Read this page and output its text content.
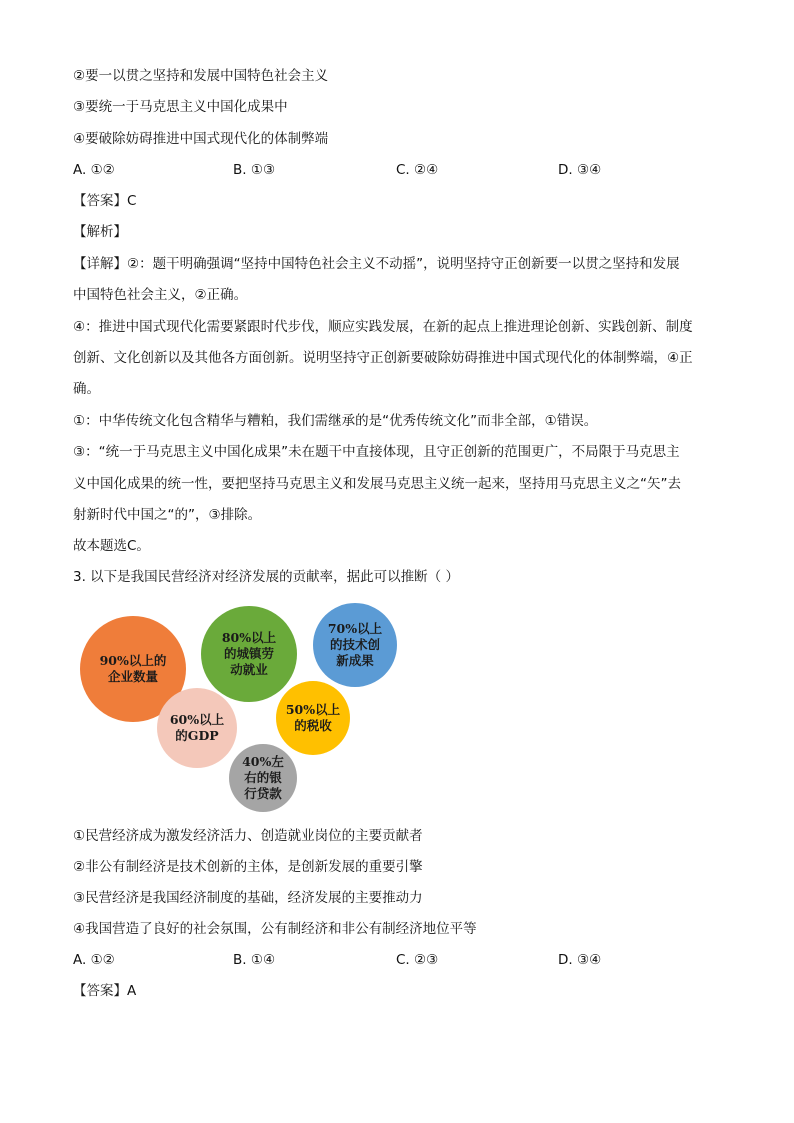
②要一以贯之坚持和发展中国特色社会主义
③要统一于马克思主义中国化成果中
④要破除妨碍推进中国式现代化的体制弊端
A. ①②	B. ①③	C. ②④	D. ③④
【答案】C
【解析】
【详解】②：题干明确强调“坚持中国特色社会主义不动摇”，说明坚持守正创新要一以贯之坚持和发展
中国特色社会主义，②正确。
④：推进中国式现代化需要紧跟时代步伐，顺应实践发展，在新的起点上推进理论创新、实践创新、制度
创新、文化创新以及其他各方面创新。说明坚持守正创新要破除妨碍推进中国式现代化的体制弊端，④正
确。
①：中华传统文化包含精华与糟粕，我们需继承的是“优秀传统文化”而非全部，①错误。
③：“统一于马克思主义中国化成果”未在题干中直接体现，且守正创新的范围更广，不局限于马克思主
义中国化成果的统一性，要把坚持马克思主义和发展马克思主义统一起来，坚持用马克思主义之“矢”去
射新时代中国之“的”，③排除。
故本题选C。
3. 以下是我国民营经济对经济发展的贡献率，据此可以推断（ ）
90%以上的
企业数量
80%以上
的城镇劳
动就业
70%以上
的技术创
新成果
60%以上
的GDP
50%以上
的税收
40%左
右的银
行贷款
①民营经济成为激发经济活力、创造就业岗位的主要贡献者
②非公有制经济是技术创新的主体，是创新发展的重要引擎
③民营经济是我国经济制度的基础，经济发展的主要推动力
④我国营造了良好的社会氛围，公有制经济和非公有制经济地位平等
A. ①②	B. ①④	C. ②③	D. ③④
【答案】A
